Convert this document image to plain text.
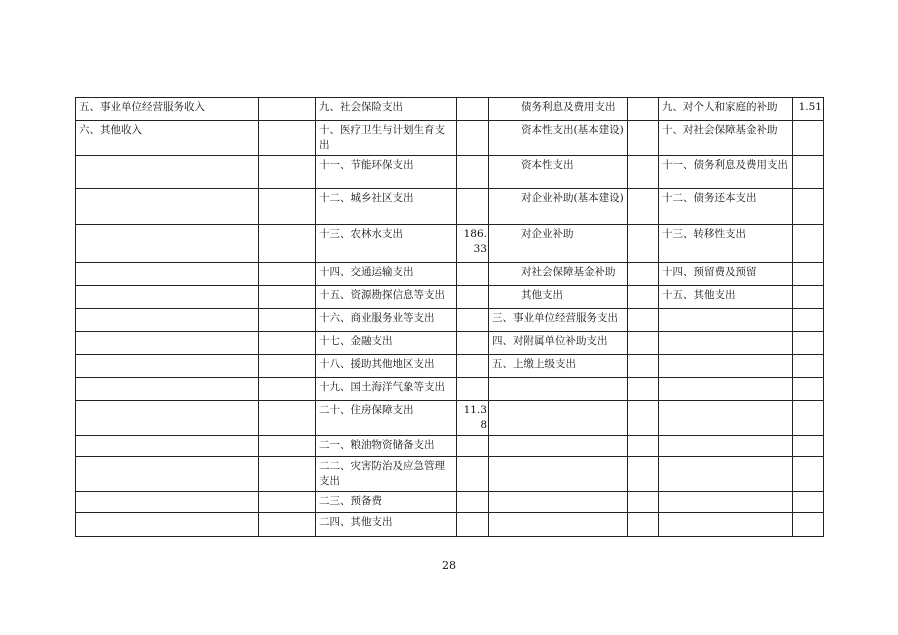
五、事业单位经营服务收入		九、社会保险支出		债务利息及费用支出		九、对个人和家庭的补助	1.51
六、其他收入		十、医疗卫生与计划生育支出		资本性支出(基本建设)		十、对社会保障基金补助	
		十一、节能环保支出		资本性支出		十一、债务利息及费用支出	
		十二、城乡社区支出		对企业补助(基本建设)		十二、债务还本支出	
		十三、农林水支出	186.33	对企业补助		十三、转移性支出	
		十四、交通运输支出		对社会保障基金补助		十四、预留费及预留	
		十五、资源勘探信息等支出		其他支出		十五、其他支出	
		十六、商业服务业等支出		三、事业单位经营服务支出			
		十七、金融支出		四、对附属单位补助支出			
		十八、援助其他地区支出		五、上缴上级支出			
		十九、国土海洋气象等支出					
		二十、住房保障支出	11.38				
		二一、粮油物资储备支出					
		二二、灾害防治及应急管理支出					
		二三、预备费					
		二四、其他支出					
28
